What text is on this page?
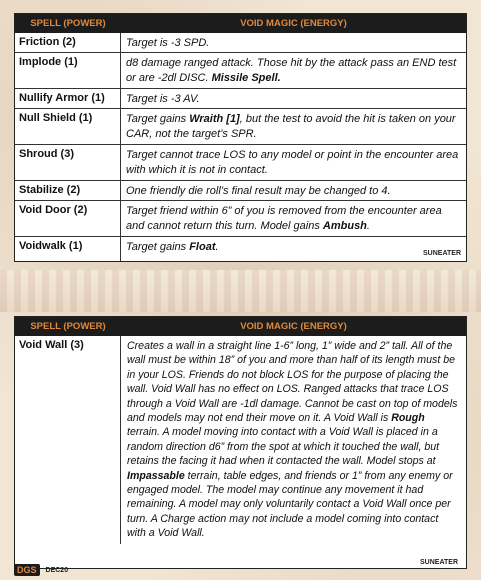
SPELL (POWER)	VOID MAGIC (ENERGY)
Friction (2)	Target is -3 SPD.
Implode (1)	d8 damage ranged attack. Those hit by the attack pass an END test or are -2dl DISC. Missile Spell.
Nullify Armor (1)	Target is -3 AV.
Null Shield (1)	Target gains Wraith [1], but the test to avoid the hit is taken on your CAR, not the target’s SPR.
Shroud (3)	Target cannot trace LOS to any model or point in the encounter area with which it is not in contact.
Stabilize (2)	One friendly die roll’s final result may be changed to 4.
Void Door (2)	Target friend within 6” of you is removed from the encounter area and cannot return this turn. Model gains Ambush.
Voidwalk (1)	Target gains Float.
SUNEATER
SPELL (POWER)	VOID MAGIC (ENERGY)
Void Wall (3)	Creates a wall in a straight line 1-6” long, 1” wide and 2” tall. All of the wall must be within 18” of you and more than half of its length must be in your LOS. Friends do not block LOS for the purpose of placing the wall. Void Wall has no effect on LOS. Ranged attacks that trace LOS through a Void Wall are -1dl damage. Cannot be cast on top of models and models may not end their move on it. A Void Wall is Rough terrain. A model moving into contact with a Void Wall is placed in a random direction d6” from the spot at which it touched the wall, but retains the facing it had when it contacted the wall. Model stops at Impassable terrain, table edges, and friends or 1” from any enemy or engaged model. The model may continue any movement it had remaining. A model may only voluntarily contact a Void Wall once per turn. A Charge action may not include a model coming into contact with a Void Wall.
SUNEATER
DGS	DEC20
